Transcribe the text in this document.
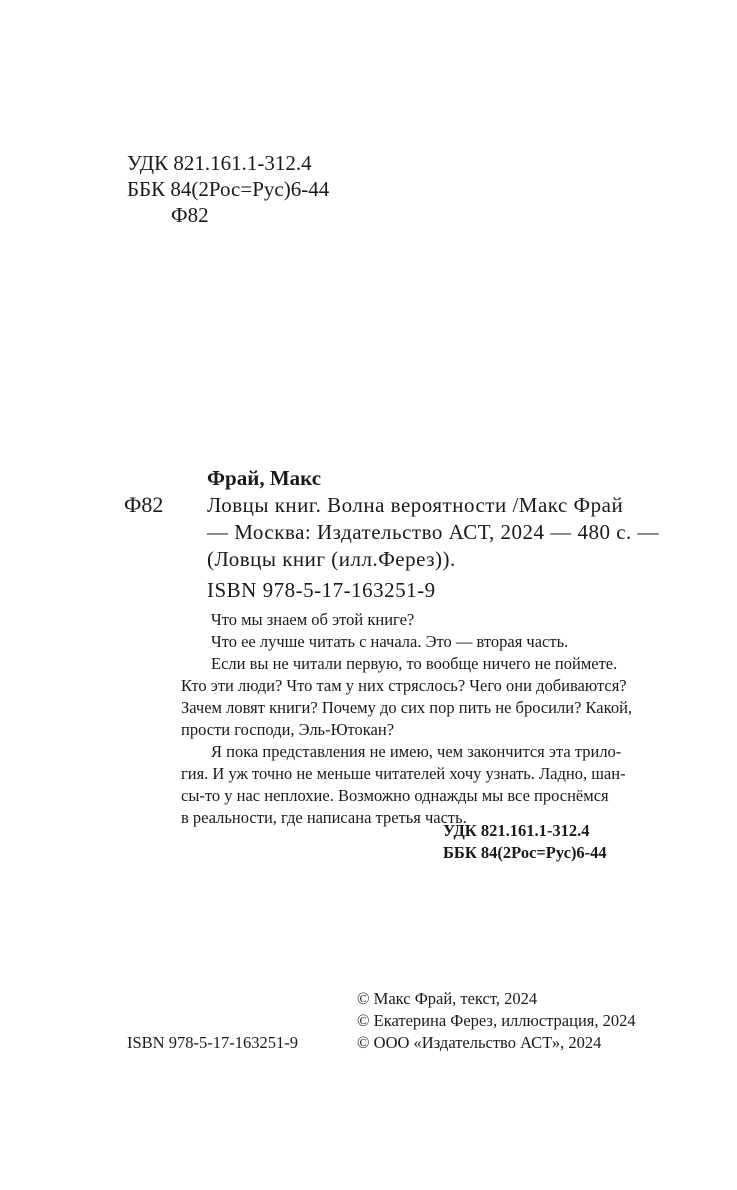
УДК 821.161.1-312.4
ББК 84(2Рос=Рус)6-44
Ф82
Фрай, Макс
Ф82 Ловцы книг. Волна вероятности /Макс Фрай
— Москва: Издательство АСТ, 2024 — 480 с. —
(Ловцы книг (илл.Ферез)).
ISBN 978-5-17-163251-9
Что мы знаем об этой книге?
Что ее лучше читать с начала. Это — вторая часть.
Если вы не читали первую, то вообще ничего не поймете.
Кто эти люди? Что там у них стряслось? Чего они добиваются?
Зачем ловят книги? Почему до сих пор пить не бросили? Какой,
прости господи, Эль-Ютокан?
Я пока представления не имею, чем закончится эта трило-
гия. И уж точно не меньше читателей хочу узнать. Ладно, шан-
сы-то у нас неплохие. Возможно однажды мы все проснёмся
в реальности, где написана третья часть.
УДК 821.161.1-312.4
ББК 84(2Рос=Рус)6-44
© Макс Фрай, текст, 2024
© Екатерина Ферез, иллюстрация, 2024
© ООО «Издательство АСТ», 2024
ISBN 978-5-17-163251-9
